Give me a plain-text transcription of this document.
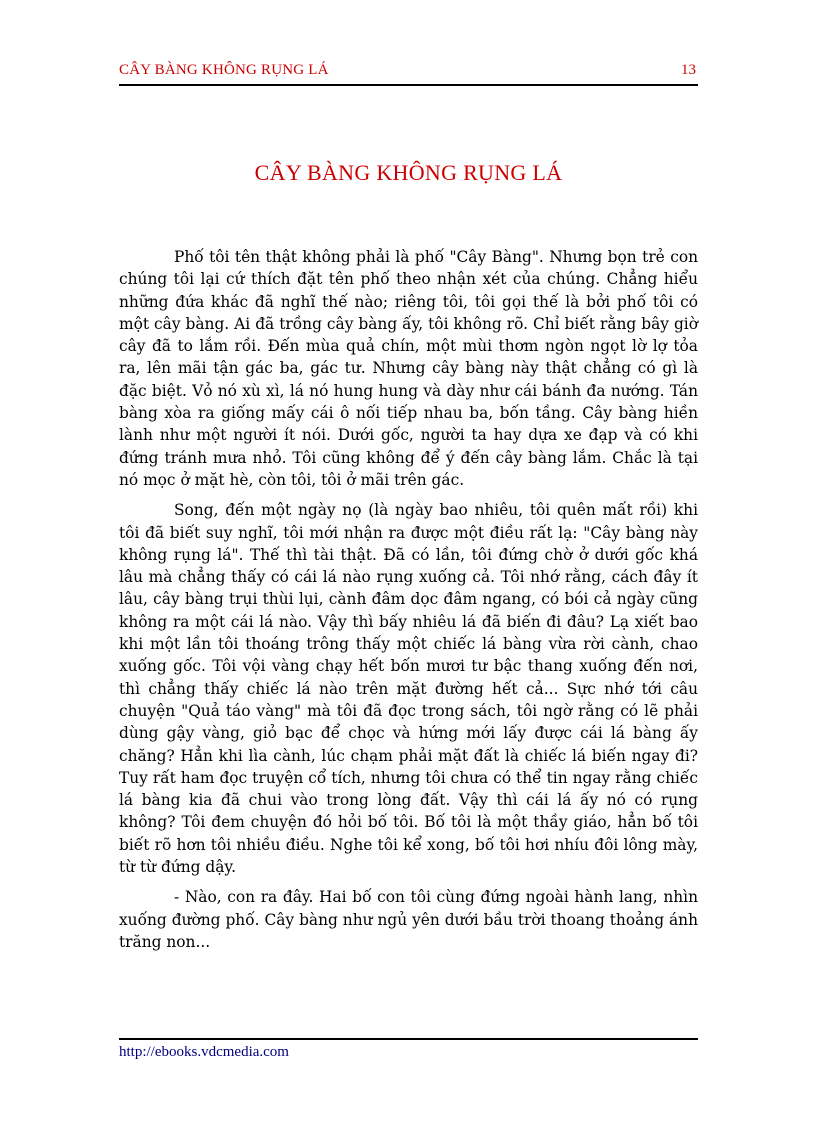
CÂY BÀNG KHÔNG RỤNG LÁ	13
CÂY BÀNG KHÔNG RỤNG LÁ

Phố tôi tên thật không phải là phố "Cây Bàng". Nhưng bọn trẻ con chúng tôi lại cứ thích đặt tên phố theo nhận xét của chúng. Chẳng hiểu những đứa khác đã nghĩ thế nào; riêng tôi, tôi gọi thế là bởi phố tôi có một cây bàng. Ai đã trồng cây bàng ấy, tôi không rõ. Chỉ biết rằng bây giờ cây đã to lắm rồi. Đến mùa quả chín, một mùi thơm ngòn ngọt lờ lợ tỏa ra, lên mãi tận gác ba, gác tư. Nhưng cây bàng này thật chẳng có gì là đặc biệt. Vỏ nó xù xì, lá nó hung hung và dày như cái bánh đa nướng. Tán bàng xòa ra giống mấy cái ô nối tiếp nhau ba, bốn tầng. Cây bàng hiền lành như một người ít nói. Dưới gốc, người ta hay dựa xe đạp và có khi đứng tránh mưa nhỏ. Tôi cũng không để ý đến cây bàng lắm. Chắc là tại nó mọc ở mặt hè, còn tôi, tôi ở mãi trên gác.

Song, đến một ngày nọ (là ngày bao nhiêu, tôi quên mất rồi) khi tôi đã biết suy nghĩ, tôi mới nhận ra được một điều rất lạ: "Cây bàng này không rụng lá". Thế thì tài thật. Đã có lần, tôi đứng chờ ở dưới gốc khá lâu mà chẳng thấy có cái lá nào rụng xuống cả. Tôi nhớ rằng, cách đây ít lâu, cây bàng trụi thùi lụi, cành đâm dọc đâm ngang, có bói cả ngày cũng không ra một cái lá nào. Vậy thì bấy nhiêu lá đã biến đi đâu? Lạ xiết bao khi một lần tôi thoáng trông thấy một chiếc lá bàng vừa rời cành, chao xuống gốc. Tôi vội vàng chạy hết bốn mươi tư bậc thang xuống đến nơi, thì chẳng thấy chiếc lá nào trên mặt đường hết cả... Sực nhớ tới câu chuyện "Quả táo vàng" mà tôi đã đọc trong sách, tôi ngờ rằng có lẽ phải dùng gậy vàng, giỏ bạc để chọc và hứng mới lấy được cái lá bàng ấy chăng? Hẳn khi lìa cành, lúc chạm phải mặt đất là chiếc lá biến ngay đi? Tuy rất ham đọc truyện cổ tích, nhưng tôi chưa có thể tin ngay rằng chiếc lá bàng kia đã chui vào trong lòng đất. Vậy thì cái lá ấy nó có rụng không? Tôi đem chuyện đó hỏi bố tôi. Bố tôi là một thầy giáo, hẳn bố tôi biết rõ hơn tôi nhiều điều. Nghe tôi kể xong, bố tôi hơi nhíu đôi lông mày, từ từ đứng dậy.

- Nào, con ra đây. Hai bố con tôi cùng đứng ngoài hành lang, nhìn xuống đường phố. Cây bàng như ngủ yên dưới bầu trời thoang thoảng ánh trăng non...

http://ebooks.vdcmedia.com
